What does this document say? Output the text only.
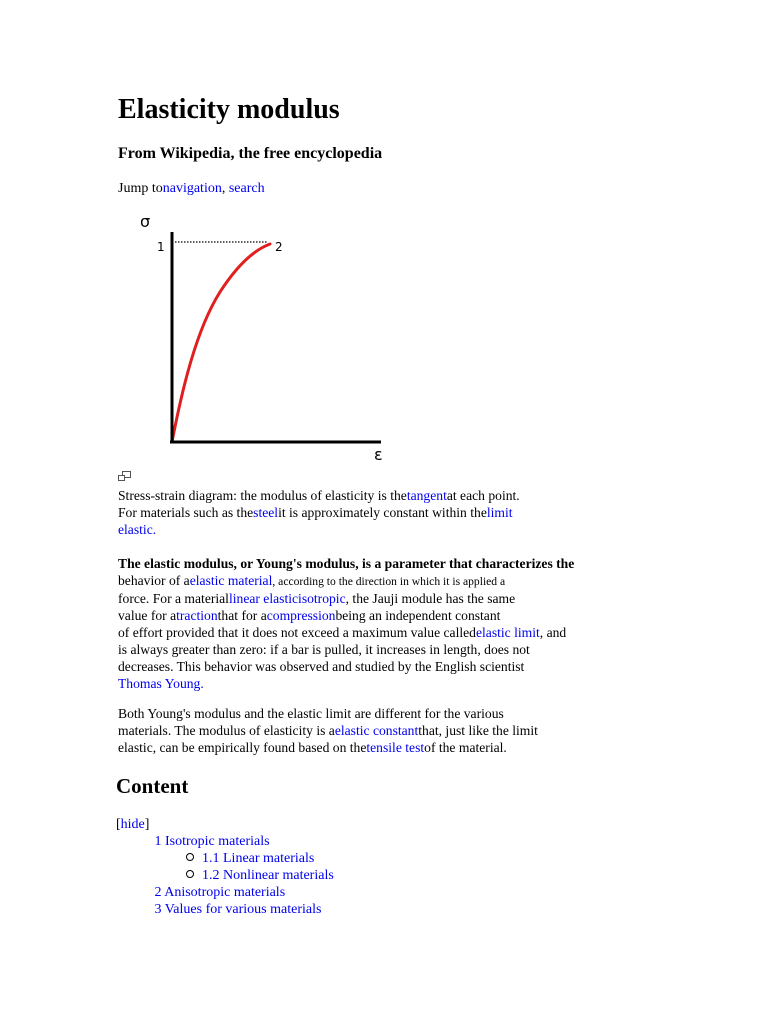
Elasticity modulus
From Wikipedia, the free encyclopedia
Jump tonavigation, search
σ
ε
1	2
Stress-strain diagram: the modulus of elasticity is thetangentat each point.
For materials such as thesteelit is approximately constant within thelimit
elastic.
The elastic modulus, or Young's modulus, is a parameter that characterizes the
behavior of aelastic material, according to the direction in which it is applied a
force. For a materiallinear elasticisotropic, the Jauji module has the same
value for atractionthat for acompressionbeing an independent constant
of effort provided that it does not exceed a maximum value calledelastic limit, and
is always greater than zero: if a bar is pulled, it increases in length, does not
decreases. This behavior was observed and studied by the English scientist
Thomas Young.
Both Young's modulus and the elastic limit are different for the various
materials. The modulus of elasticity is aelastic constantthat, just like the limit
elastic, can be empirically found based on thetensile testof the material.
Content
[hide]
1 Isotropic materials
1.1 Linear materials
1.2 Nonlinear materials
2 Anisotropic materials
3 Values for various materials
